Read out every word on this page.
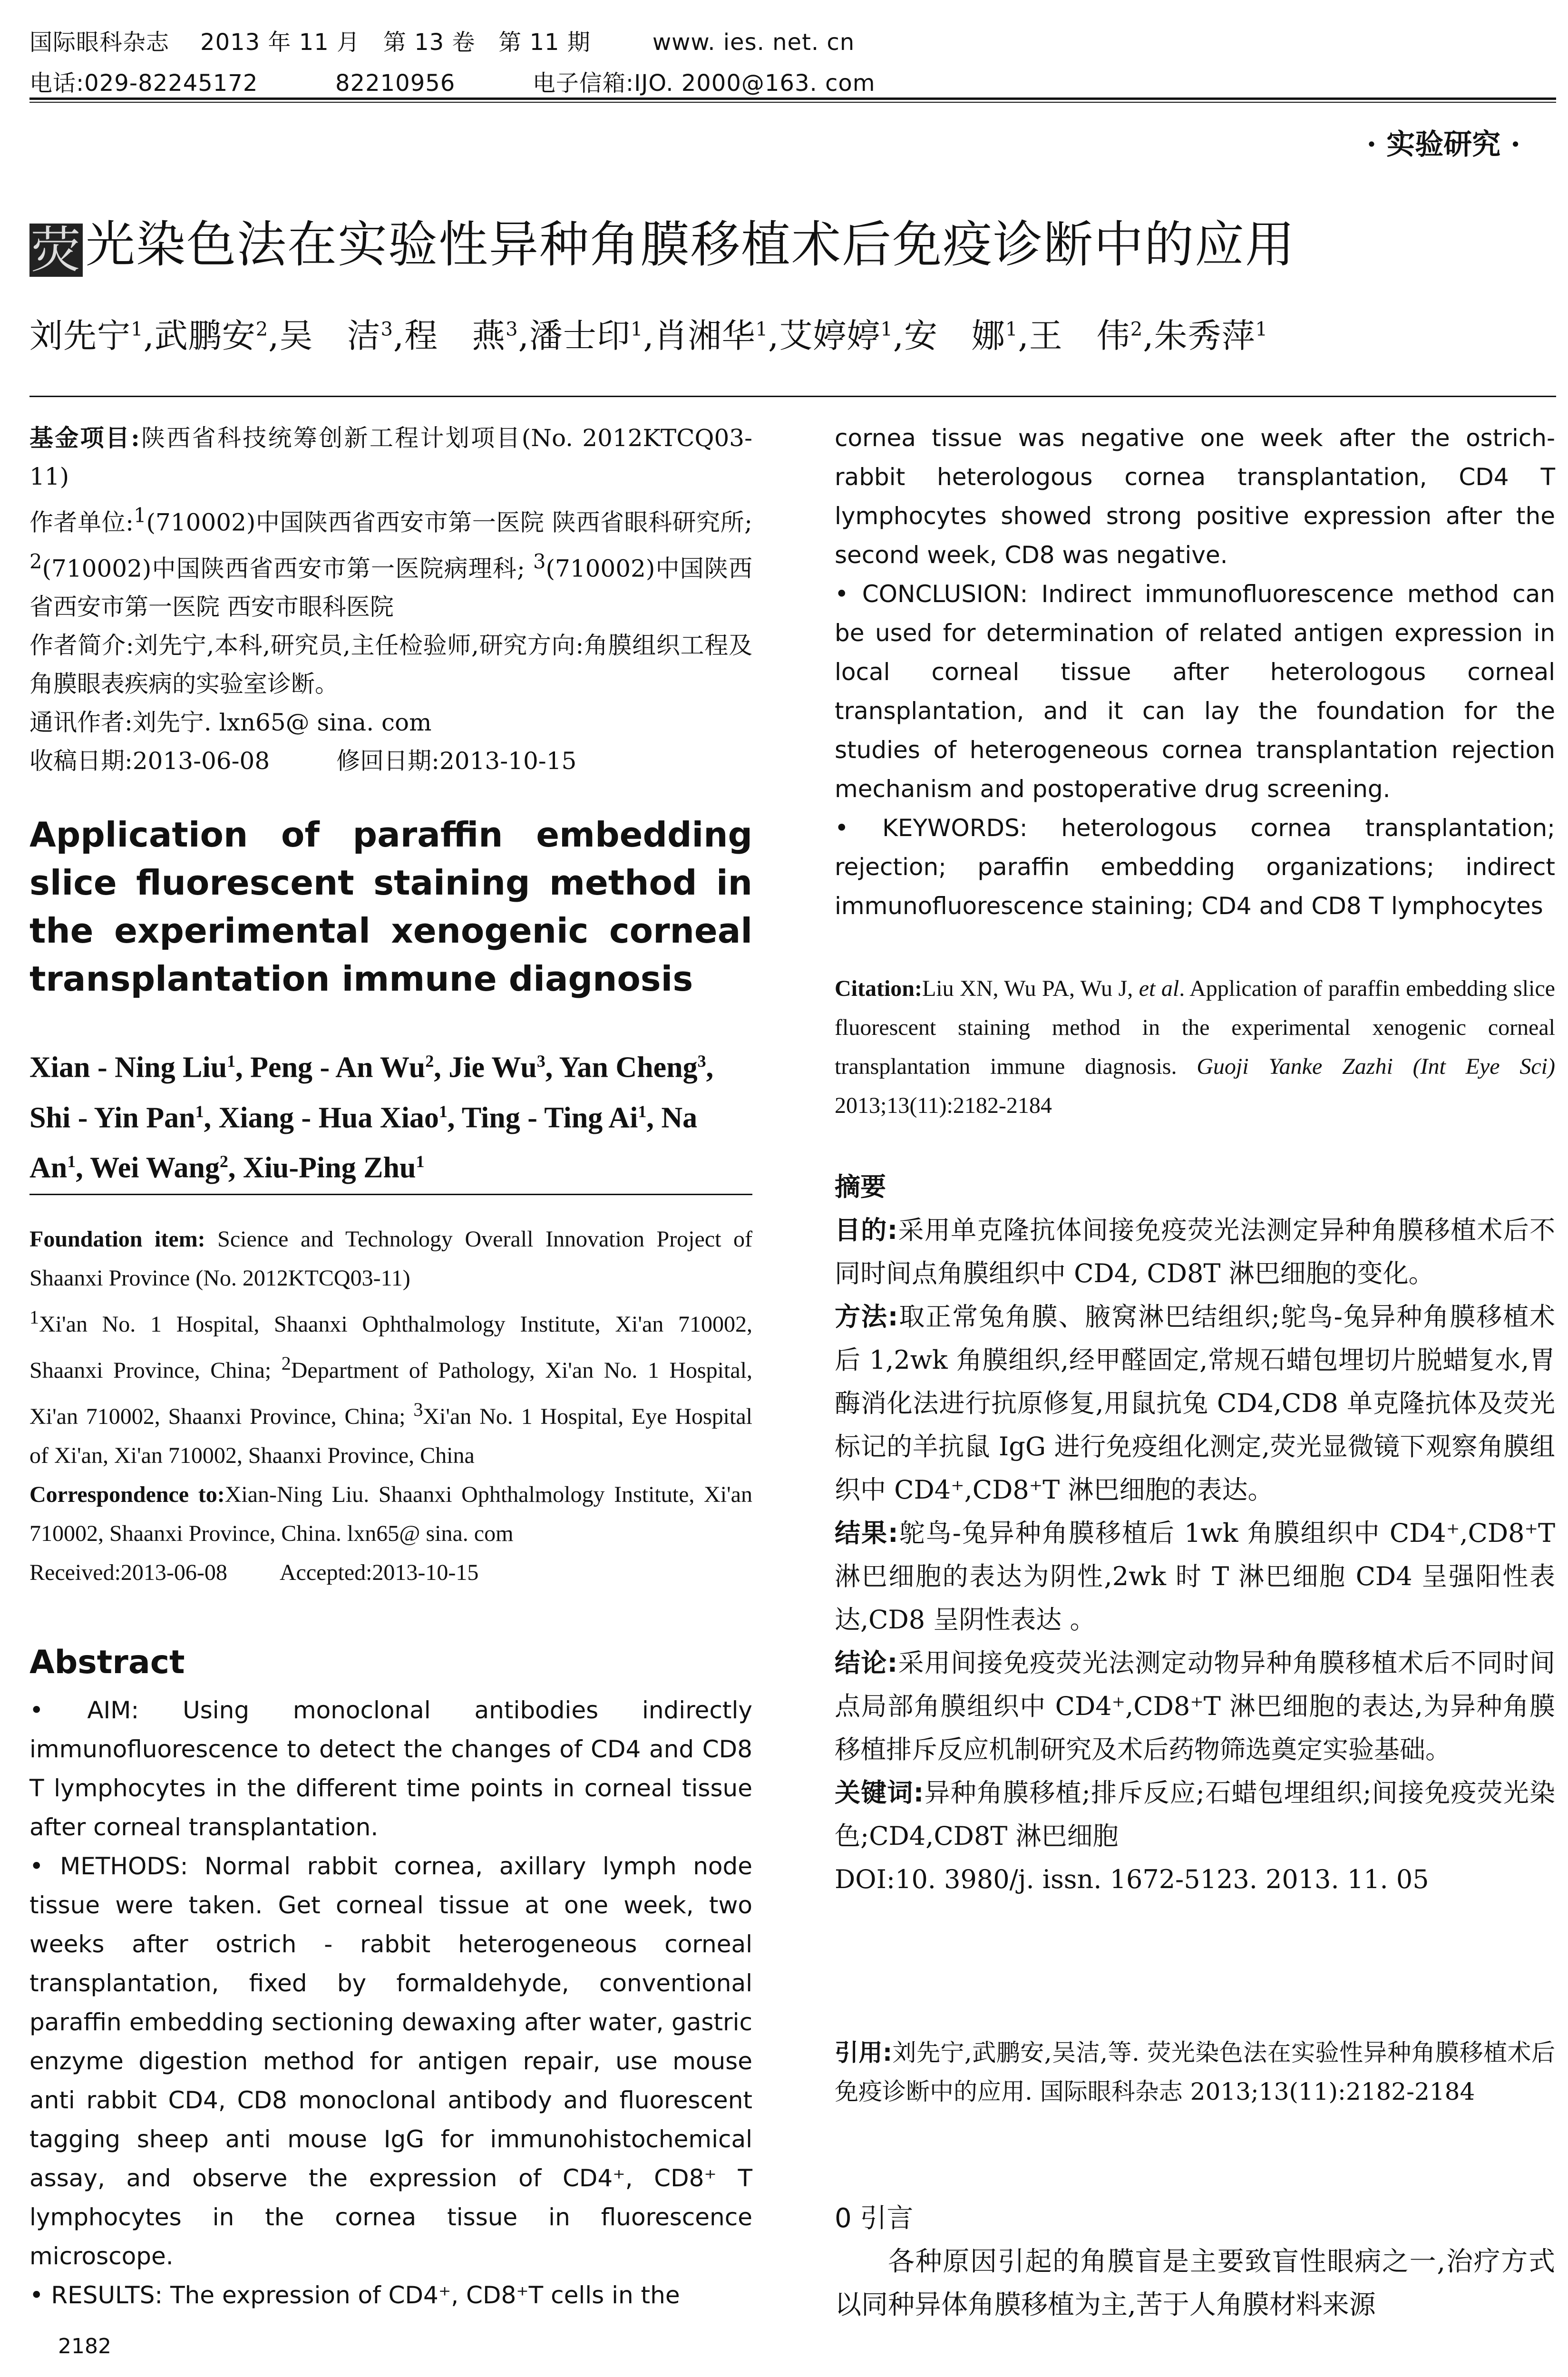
国际眼科杂志    2013 年 11 月   第 13 卷   第 11 期        www. ies. net. cn
电话:029-82245172          82210956          电子信箱:IJO. 2000@163. com
· 实验研究 ·
荧光染色法在实验性异种角膜移植术后免疫诊断中的应用
刘先宁$^1$,武鹏安$^2$,吴　洁$^3$,程　燕$^3$,潘士印$^1$,肖湘华$^1$,艾婷婷$^1$,安　娜$^1$,王　伟$^2$,朱秀萍$^1$

基金项目:陕西省科技统筹创新工程计划项目(No. 2012KTCQ03-11)

作者单位:$^1$(710002)中国陕西省西安市第一医院 陕西省眼科研究所; $^2$(710002)中国陕西省西安市第一医院病理科; $^3$(710002)中国陕西省西安市第一医院 西安市眼科医院

作者简介:刘先宁,本科,研究员,主任检验师,研究方向:角膜组织工程及角膜眼表疾病的实验室诊断。

通讯作者:刘先宁. lxn65@ sina. com

收稿日期:2013-06-08	修回日期:2013-10-15

Application of paraffin embedding slice fluorescent staining method in the experimental xenogenic corneal transplantation immune diagnosis
Xian - Ning Liu$^1$, Peng - An Wu$^2$, Jie Wu$^3$, Yan Cheng$^3$, Shi - Yin Pan$^1$, Xiang - Hua Xiao$^1$, Ting - Ting Ai$^1$, Na An$^1$, Wei Wang$^2$, Xiu-Ping Zhu$^1$

Foundation item: Science and Technology Overall Innovation Project of Shaanxi Province (No. 2012KTCQ03-11)

$^1$Xi'an No. 1 Hospital, Shaanxi Ophthalmology Institute, Xi'an 710002, Shaanxi Province, China; $^2$Department of Pathology, Xi'an No. 1 Hospital, Xi'an 710002, Shaanxi Province, China; $^3$Xi'an No. 1 Hospital, Eye Hospital of Xi'an, Xi'an 710002, Shaanxi Province, China

Correspondence to:Xian-Ning Liu. Shaanxi Ophthalmology Institute, Xi'an 710002, Shaanxi Province, China. lxn65@ sina. com

Received:2013-06-08 Accepted:2013-10-15

Abstract

• AIM: Using monoclonal antibodies indirectly immunofluorescence to detect the changes of CD4 and CD8 T lymphocytes in the different time points in corneal tissue after corneal transplantation.

• METHODS: Normal rabbit cornea, axillary lymph node tissue were taken. Get corneal tissue at one week, two weeks after ostrich - rabbit heterogeneous corneal transplantation, fixed by formaldehyde, conventional paraffin embedding sectioning dewaxing after water, gastric enzyme digestion method for antigen repair, use mouse anti rabbit CD4, CD8 monoclonal antibody and fluorescent tagging sheep anti mouse IgG for immunohistochemical assay, and observe the expression of CD4⁺, CD8⁺ T lymphocytes in the cornea tissue in fluorescence microscope.

• RESULTS: The expression of CD4⁺, CD8⁺T cells in the

cornea tissue was negative one week after the ostrich-rabbit heterologous cornea transplantation, CD4 T lymphocytes showed strong positive expression after the second week, CD8 was negative.

• CONCLUSION: Indirect immunofluorescence method can be used for determination of related antigen expression in local corneal tissue after heterologous corneal transplantation, and it can lay the foundation for the studies of heterogeneous cornea transplantation rejection mechanism and postoperative drug screening.

• KEYWORDS: heterologous cornea transplantation; rejection; paraffin embedding organizations; indirect immunofluorescence staining; CD4 and CD8 T lymphocytes

Citation:Liu XN, Wu PA, Wu J, et al. Application of paraffin embedding slice fluorescent staining method in the experimental xenogenic corneal transplantation immune diagnosis. Guoji Yanke Zazhi (Int Eye Sci) 2013;13(11):2182-2184

摘要

目的:采用单克隆抗体间接免疫荧光法测定异种角膜移植术后不同时间点角膜组织中 CD4, CD8T 淋巴细胞的变化。

方法:取正常兔角膜、腋窝淋巴结组织;鸵鸟-兔异种角膜移植术后 1,2wk 角膜组织,经甲醛固定,常规石蜡包埋切片脱蜡复水,胃酶消化法进行抗原修复,用鼠抗兔 CD4,CD8 单克隆抗体及荧光标记的羊抗鼠 IgG 进行免疫组化测定,荧光显微镜下观察角膜组织中 CD4⁺,CD8⁺T 淋巴细胞的表达。

结果:鸵鸟-兔异种角膜移植后 1wk 角膜组织中 CD4⁺,CD8⁺T 淋巴细胞的表达为阴性,2wk 时 T 淋巴细胞 CD4 呈强阳性表达,CD8 呈阴性表达 。

结论:采用间接免疫荧光法测定动物异种角膜移植术后不同时间点局部角膜组织中 CD4⁺,CD8⁺T 淋巴细胞的表达,为异种角膜移植排斥反应机制研究及术后药物筛选奠定实验基础。

关键词:异种角膜移植;排斥反应;石蜡包埋组织;间接免疫荧光染色;CD4,CD8T 淋巴细胞

DOI:10. 3980/j. issn. 1672-5123. 2013. 11. 05

引用:刘先宁,武鹏安,吴洁,等. 荧光染色法在实验性异种角膜移植术后免疫诊断中的应用. 国际眼科杂志 2013;13(11):2182-2184
0 引言
各种原因引起的角膜盲是主要致盲性眼病之一,治疗方式以同种异体角膜移植为主,苦于人角膜材料来源
2182
